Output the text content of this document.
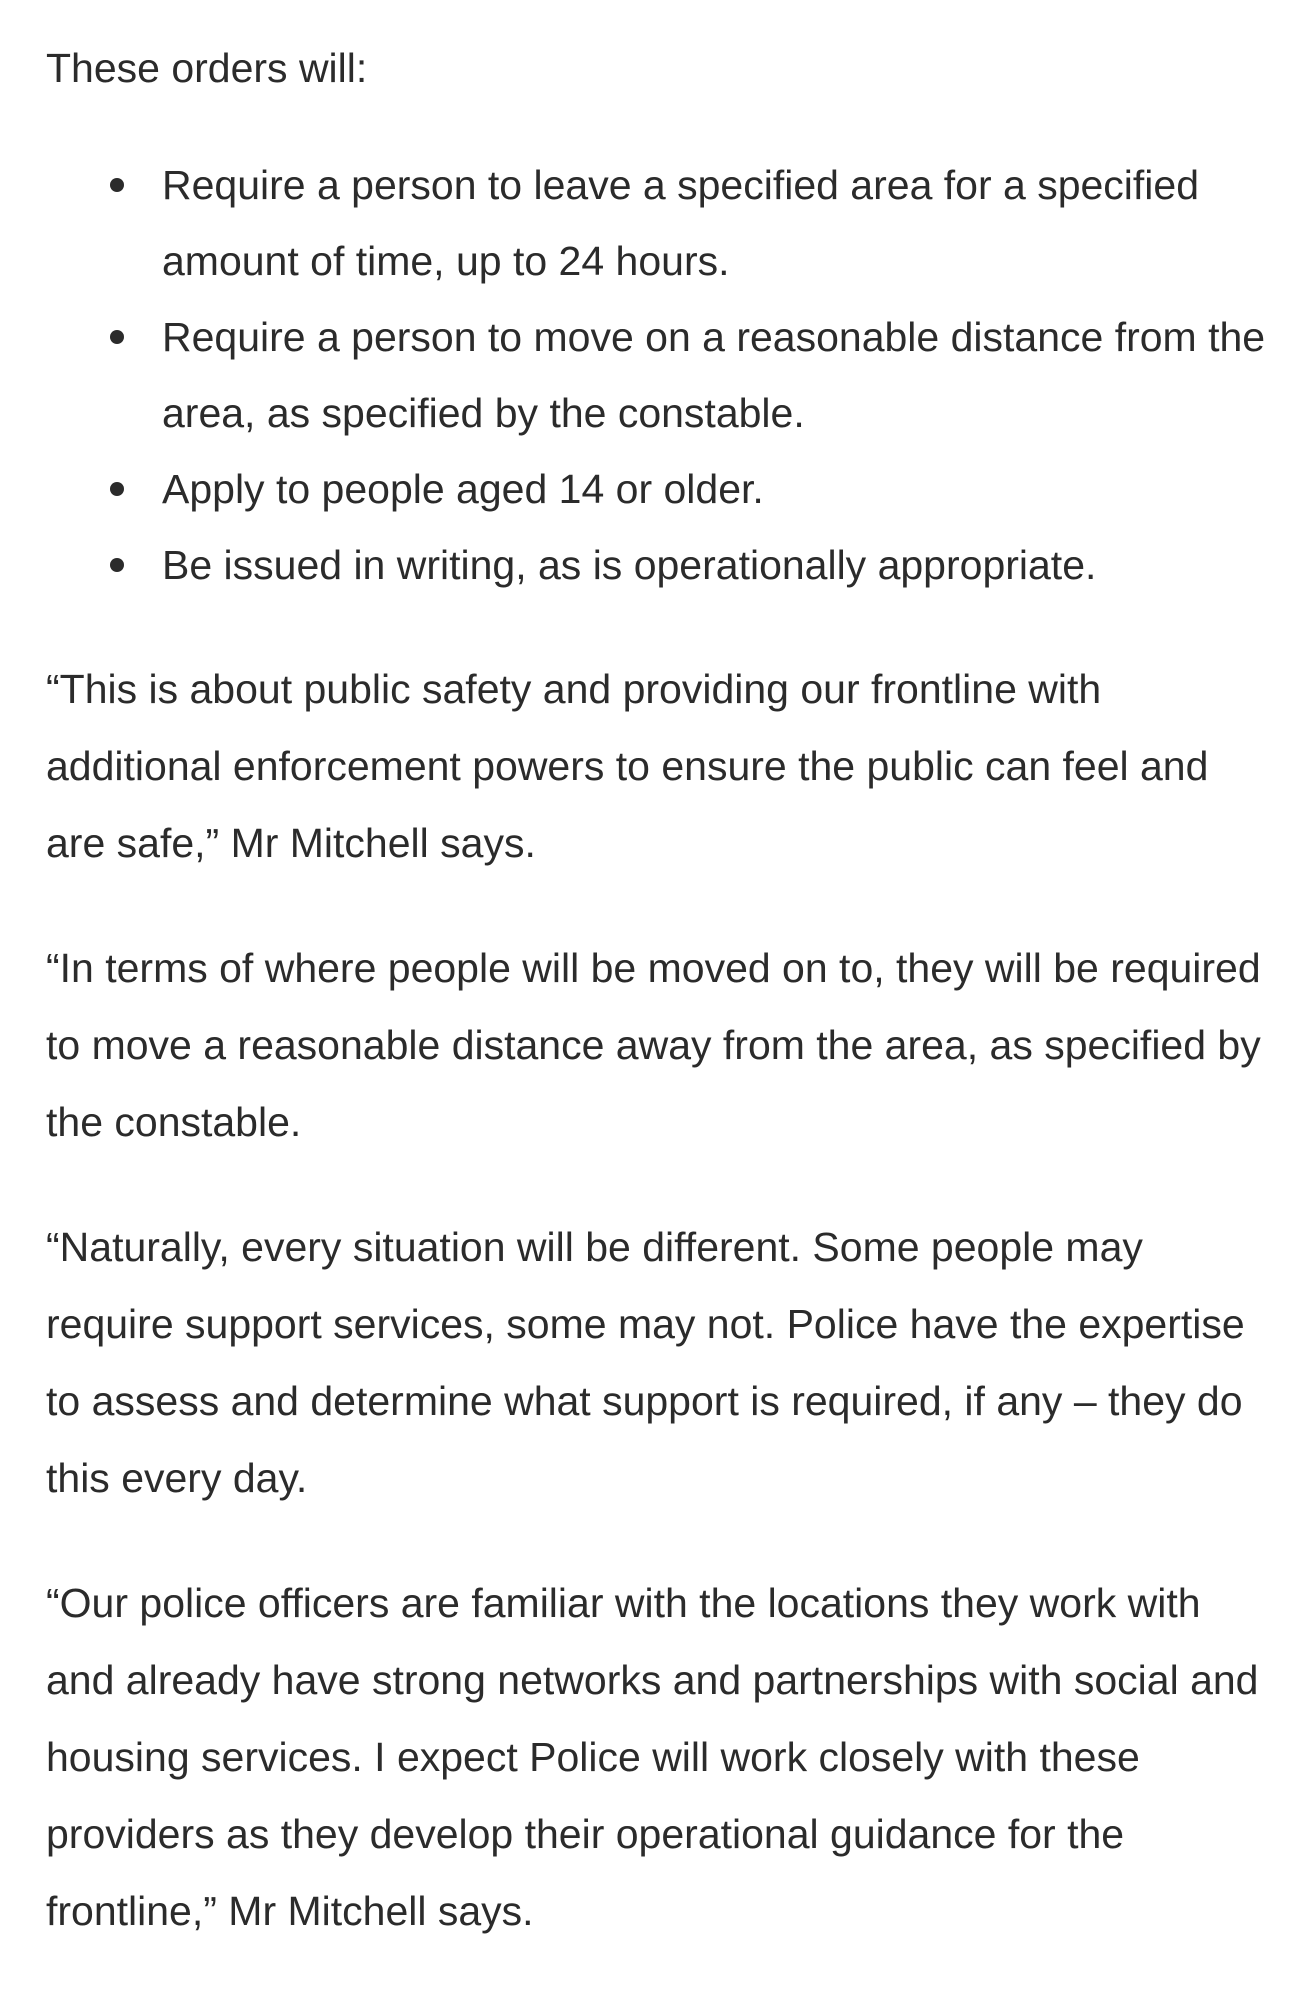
These orders will:

Require a person to leave a specified area for a specified amount of time, up to 24 hours.
Require a person to move on a reasonable distance from the area, as specified by the constable.
Apply to people aged 14 or older.
Be issued in writing, as is operationally appropriate.

“This is about public safety and providing our frontline with additional enforcement powers to ensure the public can feel and are safe,” Mr Mitchell says.

“In terms of where people will be moved on to, they will be required to move a reasonable distance away from the area, as specified by the constable.

“Naturally, every situation will be different. Some people may require support services, some may not. Police have the expertise to assess and determine what support is required, if any – they do this every day.

“Our police officers are familiar with the locations they work with and already have strong networks and partnerships with social and housing services. I expect Police will work closely with these providers as they develop their operational guidance for the frontline,” Mr Mitchell says.
